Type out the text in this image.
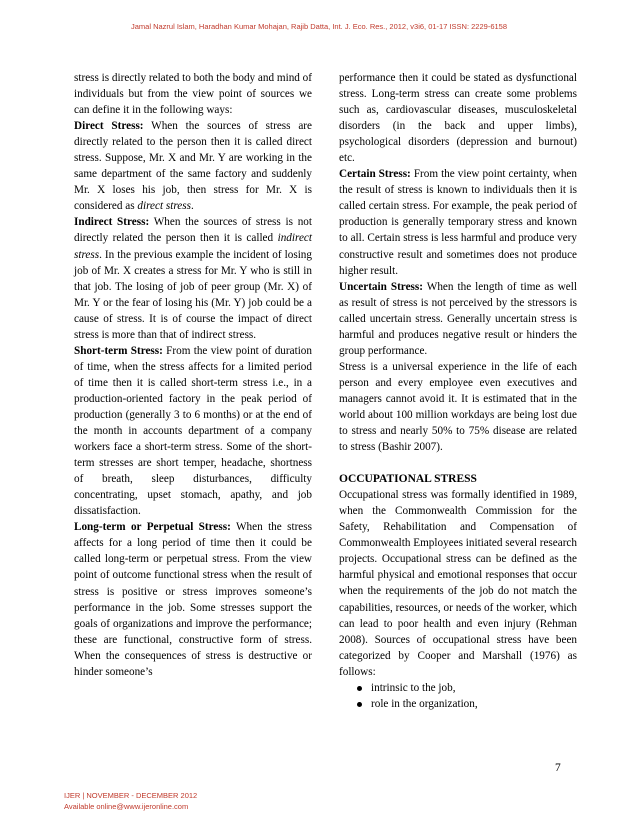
Jamal Nazrul Islam, Haradhan Kumar Mohajan, Rajib Datta, Int. J. Eco. Res., 2012, v3i6, 01-17 ISSN: 2229-6158

stress is directly related to both the body and mind of individuals but from the view point of sources we can define it in the following ways:

Direct Stress: When the sources of stress are directly related to the person then it is called direct stress. Suppose, Mr. X and Mr. Y are working in the same department of the same factory and suddenly Mr. X loses his job, then stress for Mr. X is considered as direct stress.

Indirect Stress: When the sources of stress is not directly related the person then it is called indirect stress. In the previous example the incident of losing job of Mr. X creates a stress for Mr. Y who is still in that job. The losing of job of peer group (Mr. X) of Mr. Y or the fear of losing his (Mr. Y) job could be a cause of stress. It is of course the impact of direct stress is more than that of indirect stress.

Short-term Stress: From the view point of duration of time, when the stress affects for a limited period of time then it is called short-term stress i.e., in a production-oriented factory in the peak period of production (generally 3 to 6 months) or at the end of the month in accounts department of a company workers face a short-term stress. Some of the short-term stresses are short temper, headache, shortness of breath, sleep disturbances, difficulty concentrating, upset stomach, apathy, and job dissatisfaction.

Long-term or Perpetual Stress: When the stress affects for a long period of time then it could be called long-term or perpetual stress. From the view point of outcome functional stress when the result of stress is positive or stress improves someone’s performance in the job. Some stresses support the goals of organizations and improve the performance; these are functional, constructive form of stress. When the consequences of stress is destructive or hinder someone’s

performance then it could be stated as dysfunctional stress. Long-term stress can create some problems such as, cardiovascular diseases, musculoskeletal disorders (in the back and upper limbs), psychological disorders (depression and burnout) etc.

Certain Stress: From the view point certainty, when the result of stress is known to individuals then it is called certain stress. For example, the peak period of production is generally temporary stress and known to all. Certain stress is less harmful and produce very constructive result and sometimes does not produce higher result.

Uncertain Stress: When the length of time as well as result of stress is not perceived by the stressors is called uncertain stress. Generally uncertain stress is harmful and produces negative result or hinders the group performance.

Stress is a universal experience in the life of each person and every employee even executives and managers cannot avoid it. It is estimated that in the world about 100 million workdays are being lost due to stress and nearly 50% to 75% disease are related to stress (Bashir 2007).

OCCUPATIONAL STRESS

Occupational stress was formally identified in 1989, when the Commonwealth Commission for the Safety, Rehabilitation and Compensation of Commonwealth Employees initiated several research projects. Occupational stress can be defined as the harmful physical and emotional responses that occur when the requirements of the job do not match the capabilities, resources, or needs of the worker, which can lead to poor health and even injury (Rehman 2008). Sources of occupational stress have been categorized by Cooper and Marshall (1976) as follows:

intrinsic to the job,
role in the organization,
7
IJER | NOVEMBER - DECEMBER 2012
Available online@www.ijeronline.com
